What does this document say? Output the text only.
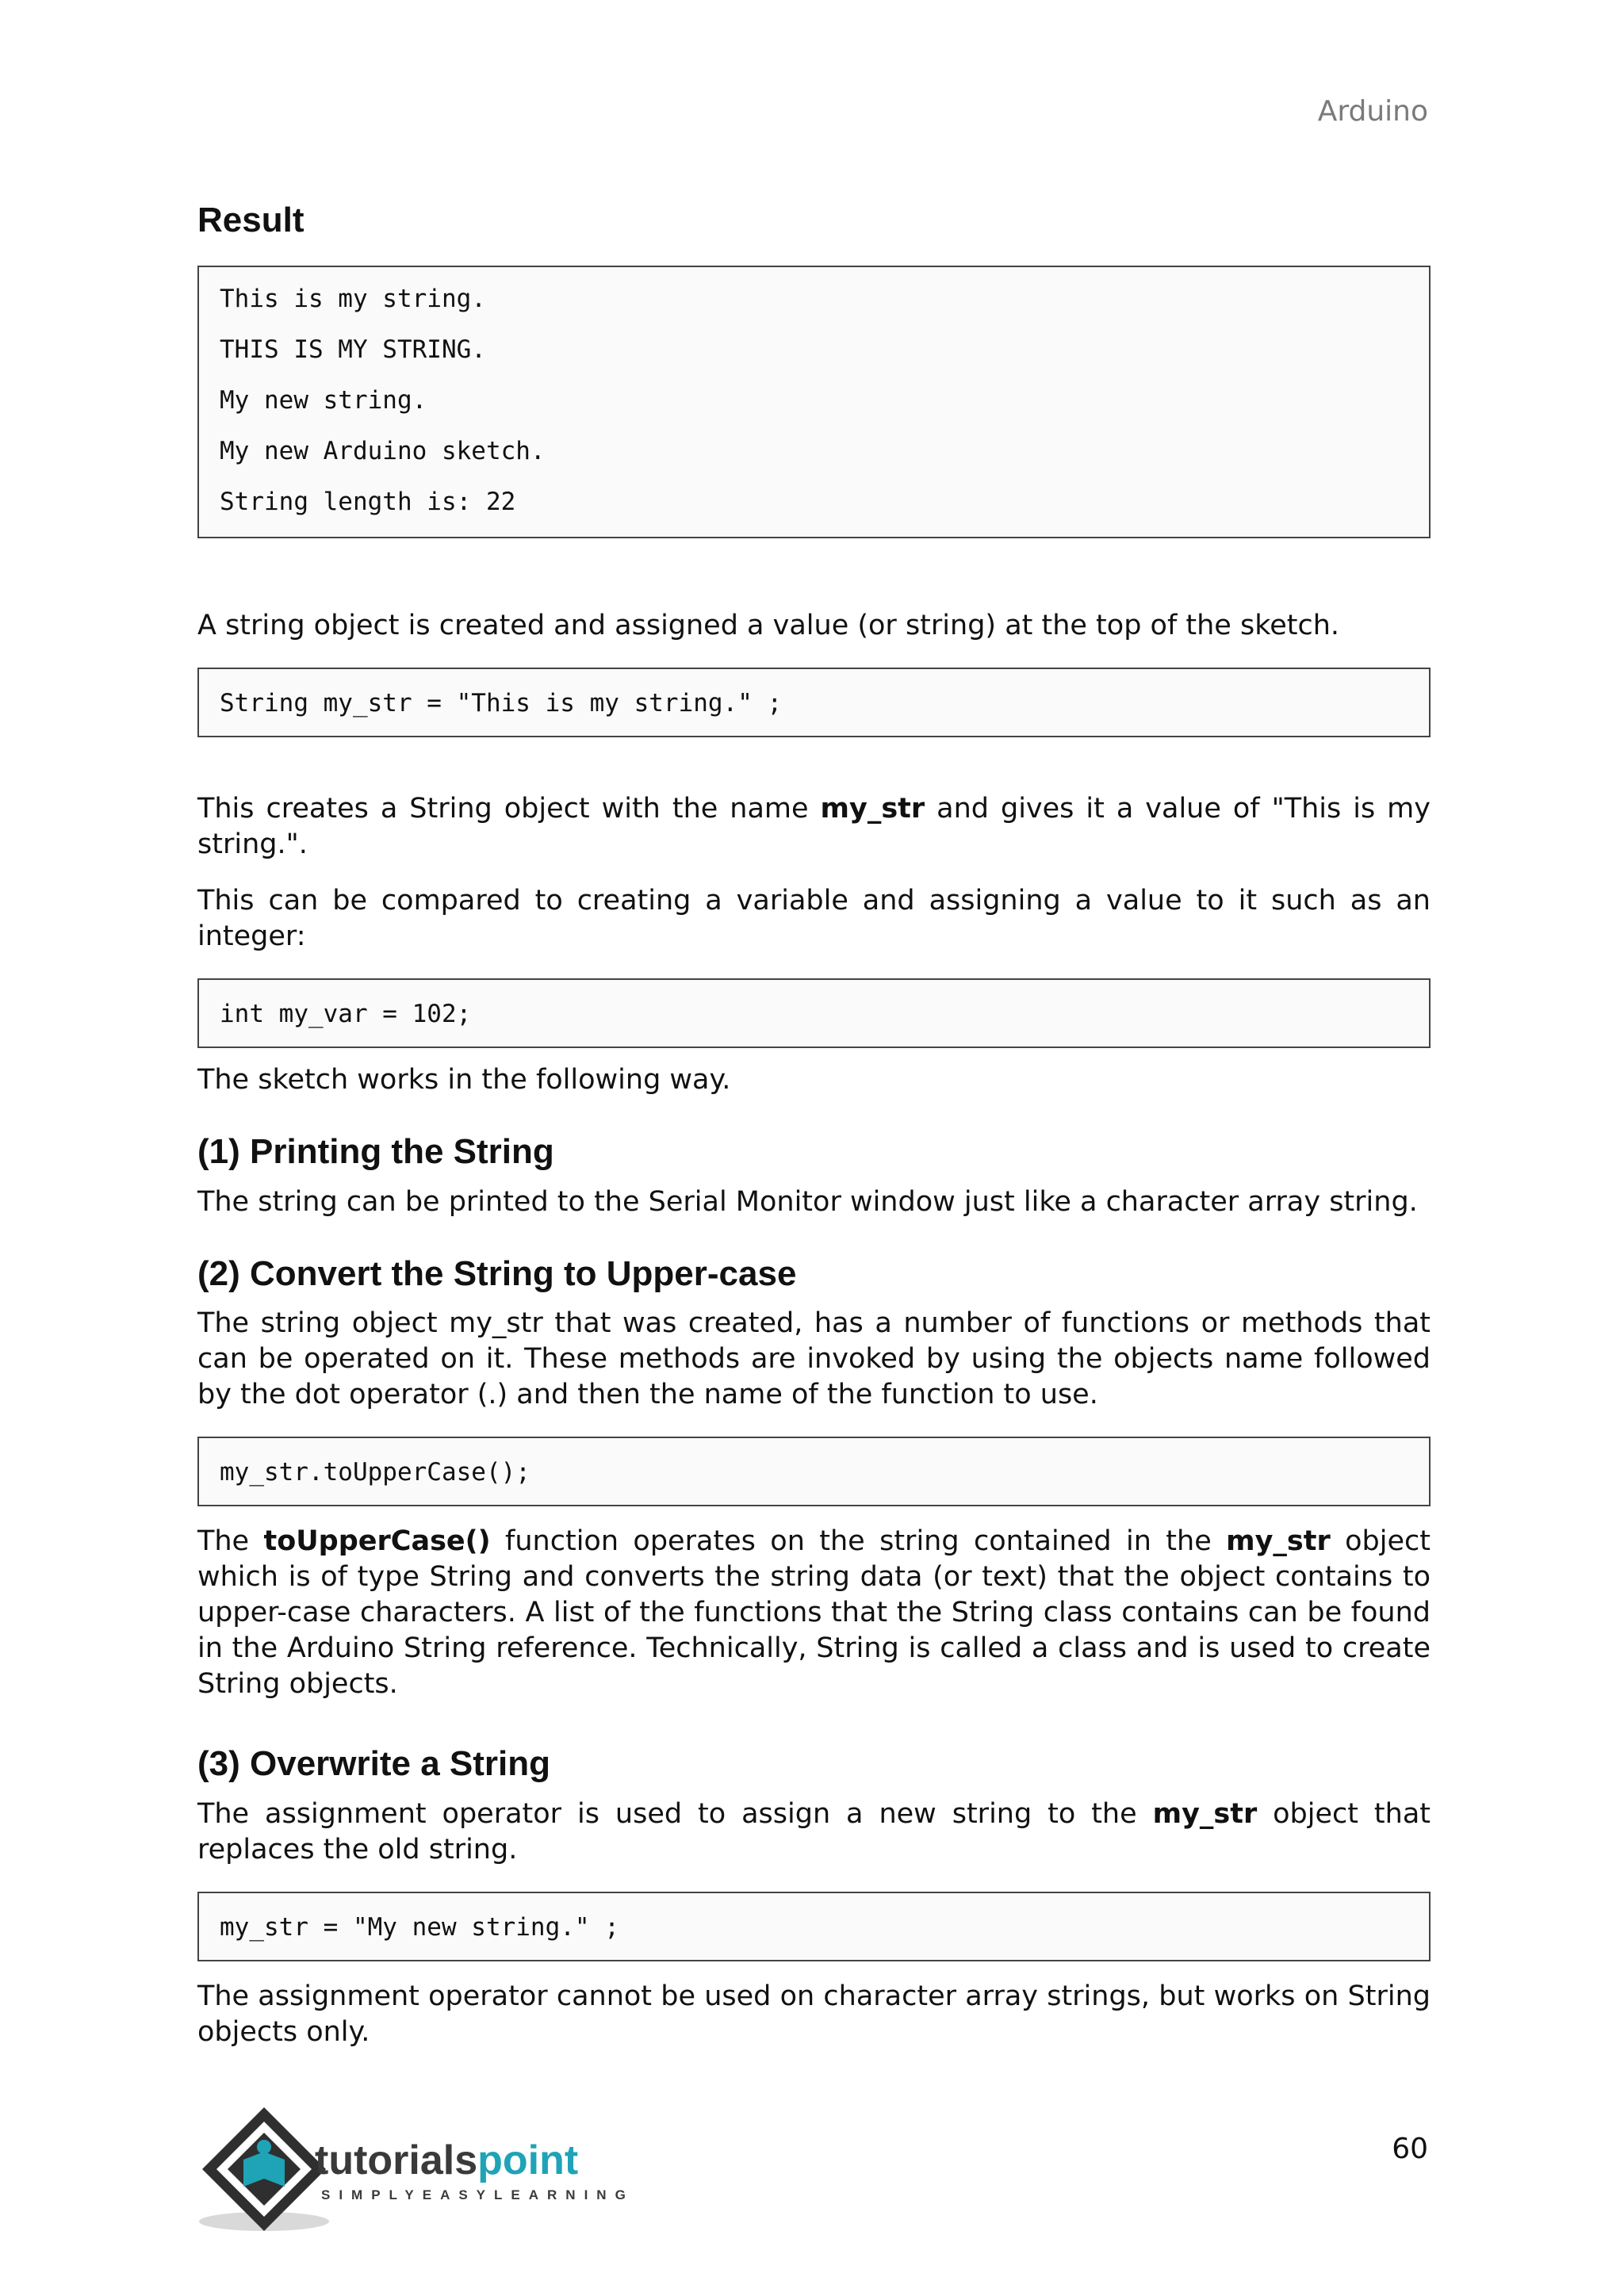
Arduino
Result
This is my string.
THIS IS MY STRING.
My new string.
My new Arduino sketch.
String length is: 22

A string object is created and assigned a value (or string) at the top of the sketch.

String my_str = "This is my string." ;

This creates a String object with the name my_str and gives it a value of "This is my string.".

This can be compared to creating a variable and assigning a value to it such as an integer:

int my_var = 102;

The sketch works in the following way.

(1) Printing the String

The string can be printed to the Serial Monitor window just like a character array string.

(2) Convert the String to Upper-case

The string object my_str that was created, has a number of functions or methods that can be operated on it. These methods are invoked by using the objects name followed by the dot operator (.) and then the name of the function to use.

my_str.toUpperCase();

The toUpperCase() function operates on the string contained in the my_str object which is of type String and converts the string data (or text) that the object contains to upper-case characters. A list of the functions that the String class contains can be found in the Arduino String reference. Technically, String is called a class and is used to create String objects.

(3) Overwrite a String

The assignment operator is used to assign a new string to the my_str object that replaces the old string.

my_str = "My new string." ;

The assignment operator cannot be used on character array strings, but works on String objects only.

tutorialspoint
SIMPLYEASYLEARNING
60
